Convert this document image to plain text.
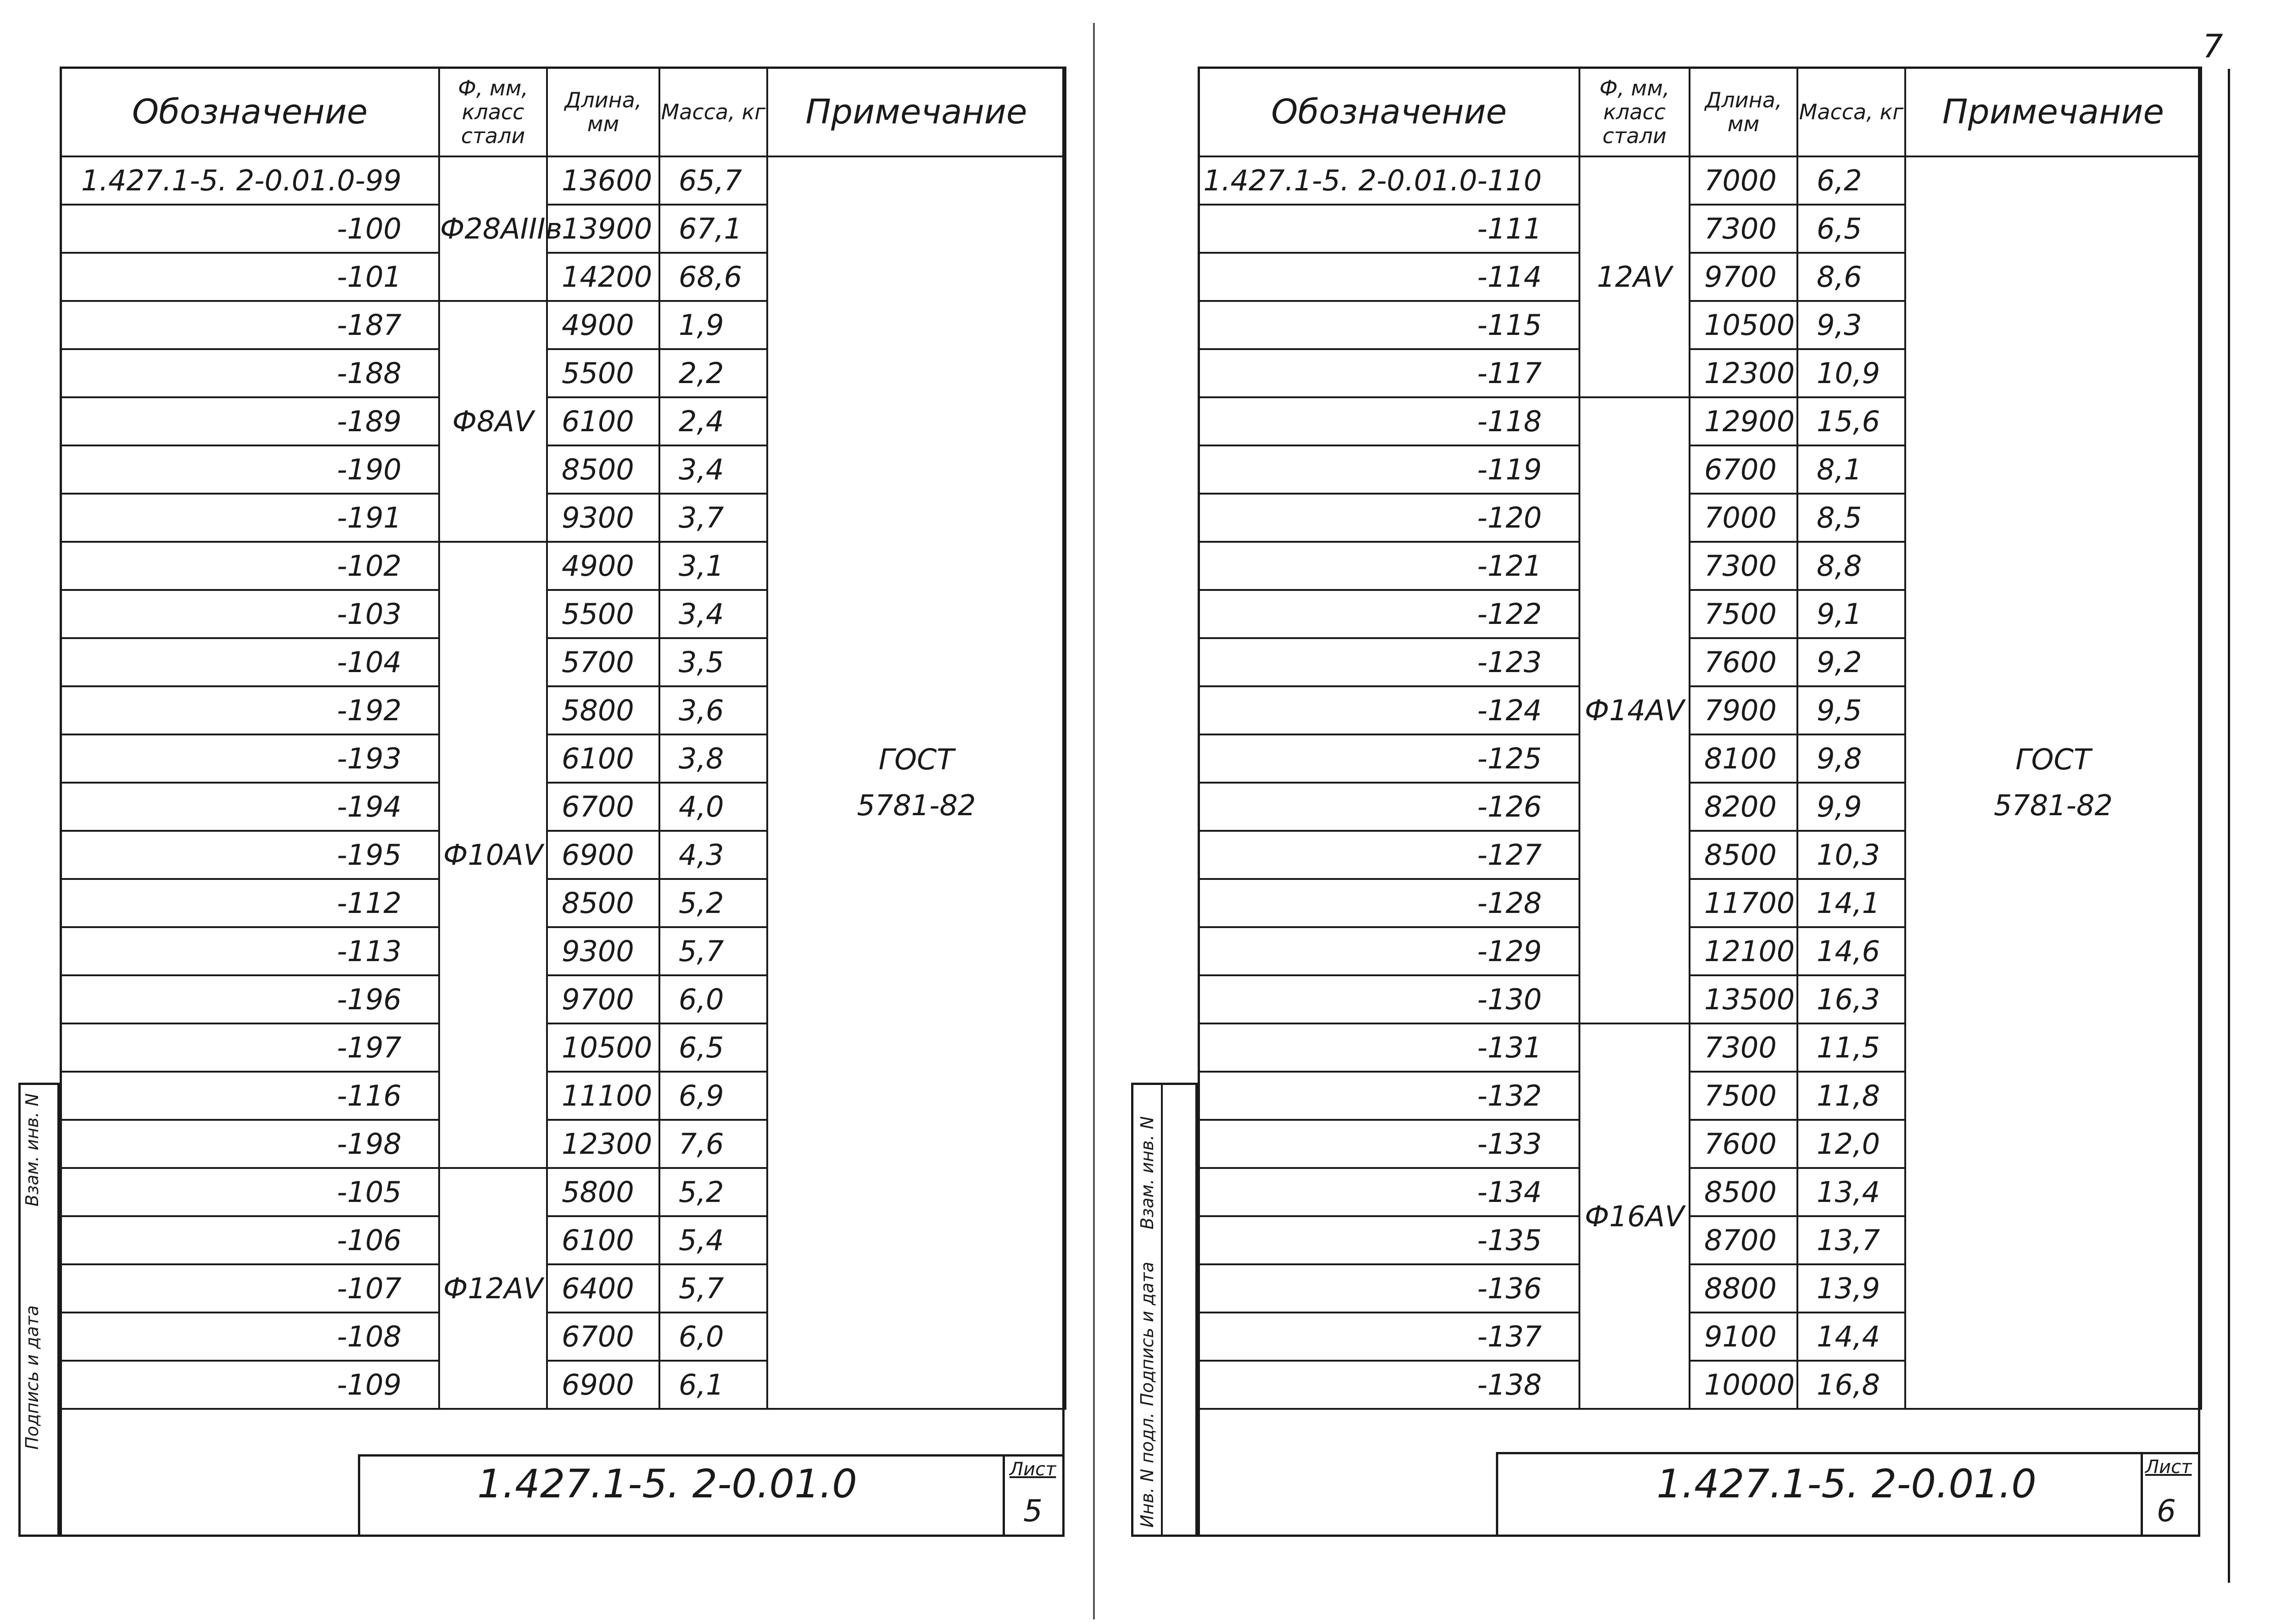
7
Обозначение	Ф, мм, класс стали	Длина, мм	Масса, кг	Примечание
1.427.1-5. 2-0.01.0-99	Ф28АIIIв	13600	65,7	ГОСТ
5781-82

-100		13900	67,1	
-101		14200	68,6	
-187	Ф8АV	4900	1,9	
-188		5500	2,2	
-189		6100	2,4	
-190		8500	3,4	
-191		9300	3,7	
-102	Ф10АV	4900	3,1	
-103		5500	3,4	
-104		5700	3,5	
-192		5800	3,6	
-193		6100	3,8	
-194		6700	4,0	
-195		6900	4,3	
-112		8500	5,2	
-113		9300	5,7	
-196		9700	6,0	
-197		10500	6,5	
-116		11100	6,9	
-198		12300	7,6	
-105	Ф12АV	5800	5,2	
-106		6100	5,4	
-107		6400	5,7	
-108		6700	6,0	
-109		6900	6,1	
1.427.1-5. 2-0.01.0	Лист
5
Подпись и дата
Взам. инв. N
Обозначение	Ф, мм, класс стали	Длина, мм	Масса, кг	Примечание
1.427.1-5. 2-0.01.0-110	12АV	7000	6,2	ГОСТ
5781-82

-111		7300	6,5	
-114		9700	8,6	
-115		10500	9,3	
-117		12300	10,9	
-118	Ф14АV	12900	15,6	
-119		6700	8,1	
-120		7000	8,5	
-121		7300	8,8	
-122		7500	9,1	
-123		7600	9,2	
-124		7900	9,5	
-125		8100	9,8	
-126		8200	9,9	
-127		8500	10,3	
-128		11700	14,1	
-129		12100	14,6	
-130		13500	16,3	
-131	Ф16АV	7300	11,5	
-132		7500	11,8	
-133		7600	12,0	
-134		8500	13,4	
-135		8700	13,7	
-136		8800	13,9	
-137		9100	14,4	
-138		10000	16,8	
1.427.1-5. 2-0.01.0	Лист
6
Инв. N подл.
Подпись и дата
Взам. инв. N
